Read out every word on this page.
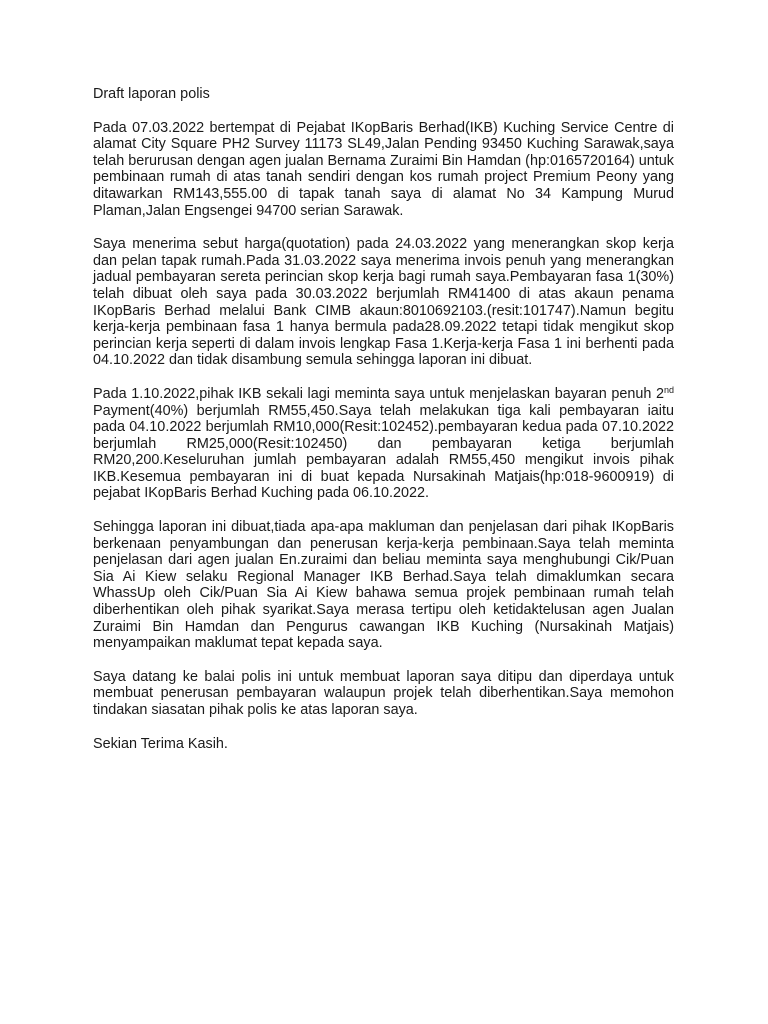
Draft laporan polis

Pada 07.03.2022 bertempat di Pejabat IKopBaris Berhad(IKB) Kuching Service Centre di alamat City Square PH2 Survey 11173 SL49,Jalan Pending 93450 Kuching Sarawak,saya telah berurusan dengan agen jualan Bernama Zuraimi Bin Hamdan (hp:0165720164) untuk pembinaan rumah di atas tanah sendiri dengan kos rumah project Premium Peony yang ditawarkan RM143,555.00 di tapak tanah saya di alamat No 34 Kampung Murud Plaman,Jalan Engsengei 94700 serian Sarawak.

Saya menerima sebut harga(quotation) pada 24.03.2022 yang menerangkan skop kerja dan pelan tapak rumah.Pada 31.03.2022 saya menerima invois penuh yang menerangkan jadual pembayaran sereta perincian skop kerja bagi rumah saya.Pembayaran fasa 1(30%) telah dibuat oleh saya pada 30.03.2022 berjumlah RM41400 di atas akaun penama IKopBaris Berhad melalui Bank CIMB akaun:8010692103.(resit:101747).Namun begitu kerja-kerja pembinaan fasa 1 hanya bermula pada28.09.2022 tetapi tidak mengikut skop perincian kerja seperti di dalam invois lengkap Fasa 1.Kerja-kerja Fasa 1 ini berhenti pada 04.10.2022 dan tidak disambung semula sehingga laporan ini dibuat.

Pada 1.10.2022,pihak IKB sekali lagi meminta saya untuk menjelaskan bayaran penuh 2nd Payment(40%) berjumlah RM55,450.Saya telah melakukan tiga kali pembayaran iaitu pada 04.10.2022 berjumlah RM10,000(Resit:102452).pembayaran kedua pada 07.10.2022 berjumlah RM25,000(Resit:102450) dan pembayaran ketiga berjumlah RM20,200.Keseluruhan jumlah pembayaran adalah RM55,450 mengikut invois pihak IKB.Kesemua pembayaran ini di buat kepada Nursakinah Matjais(hp:018-9600919) di pejabat IKopBaris Berhad Kuching pada 06.10.2022.

Sehingga laporan ini dibuat,tiada apa-apa makluman dan penjelasan dari pihak IKopBaris berkenaan penyambungan dan penerusan kerja-kerja pembinaan.Saya telah meminta penjelasan dari agen jualan En.zuraimi dan beliau meminta saya menghubungi Cik/Puan Sia Ai Kiew selaku Regional Manager IKB Berhad.Saya telah dimaklumkan secara WhassUp oleh Cik/Puan Sia Ai Kiew bahawa semua projek pembinaan rumah telah diberhentikan oleh pihak syarikat.Saya merasa tertipu oleh ketidaktelusan agen Jualan Zuraimi Bin Hamdan dan Pengurus cawangan IKB Kuching (Nursakinah Matjais) menyampaikan maklumat tepat kepada saya.

Saya datang ke balai polis ini untuk membuat laporan saya ditipu dan diperdaya untuk membuat penerusan pembayaran walaupun projek telah diberhentikan.Saya memohon tindakan siasatan pihak polis ke atas laporan saya.

Sekian Terima Kasih.
